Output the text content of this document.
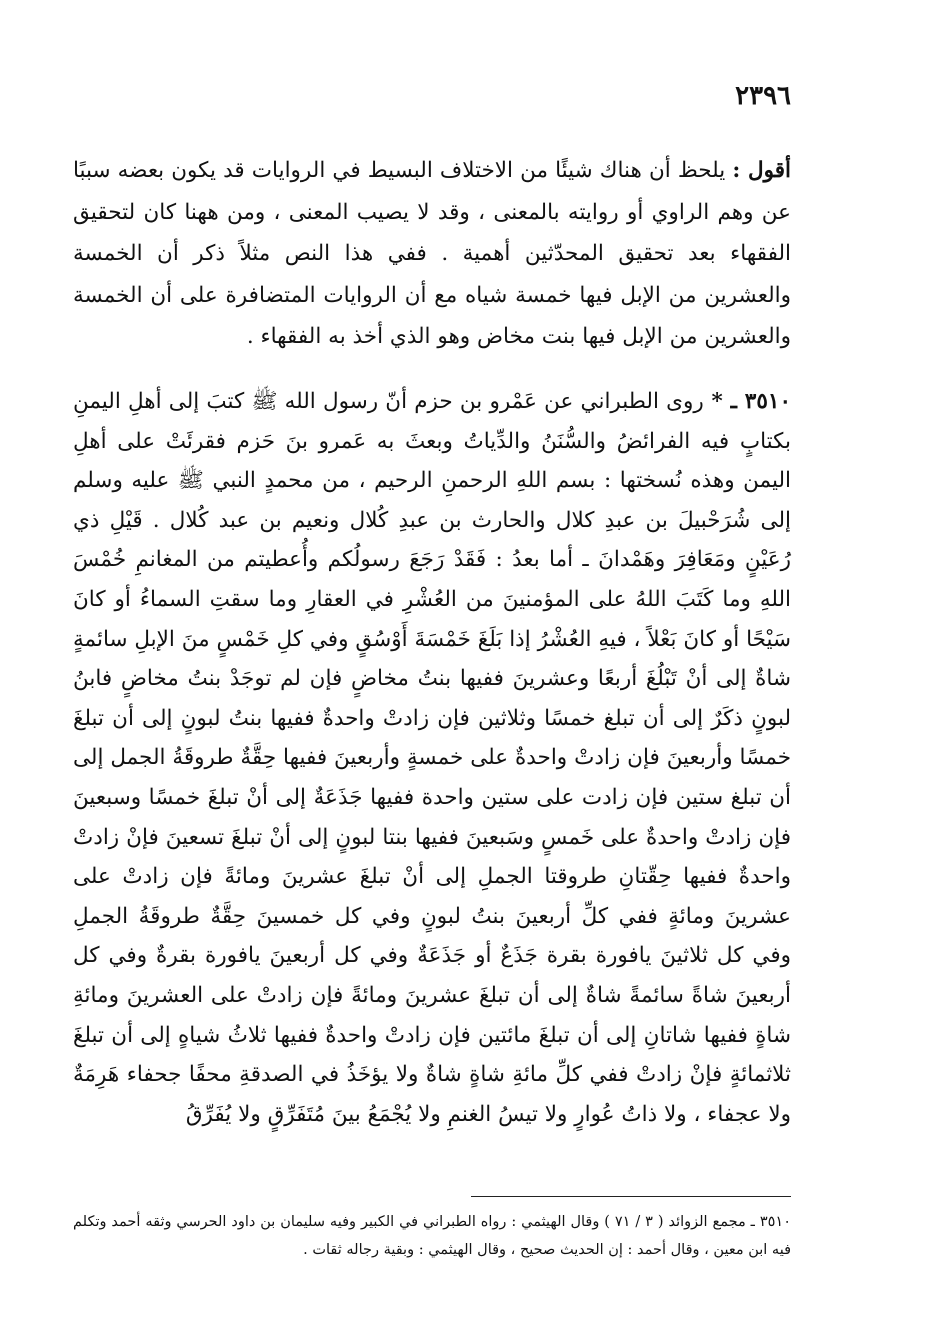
٢٣٩٦

أقول : يلحظ أن هناك شيئًا من الاختلاف البسيط في الروايات قد يكون بعضه سببًا عن وهم الراوي أو روايته بالمعنى ، وقد لا يصيب المعنى ، ومن ههنا كان لتحقيق الفقهاء بعد تحقيق المحدّثين أهمية . ففي هذا النص مثلاً ذكر أن الخمسة والعشرين من الإبل فيها خمسة شياه مع أن الروايات المتضافرة على أن الخمسة والعشرين من الإبل فيها بنت مخاض وهو الذي أخذ به الفقهاء .

٣٥١٠ ـ * روى الطبراني عن عَمْرو بن حزم أنّ رسول الله ﷺ كتبَ إلى أهلِ اليمنِ بكتابٍ فيه الفرائضُ والسُّنَنُ والدِّياتُ وبعثَ به عَمرو بنَ حَزم فقرئَتْ على أهلِ اليمن وهذه نُسختها : بسم اللهِ الرحمنِ الرحيم ، من محمدٍ النبي ﷺ عليه وسلم إلى شُرَحْبيلَ بن عبدِ كلال والحارث بن عبدِ كُلال ونعيم بن عبد كُلال . قَيْلِ ذي رُعَيْنٍ ومَعَافِرَ وهَمْدانَ ـ أما بعدُ : فَقَدْ رَجَعَ رسولُكم وأُعطيتم من المغانمِ خُمْسَ اللهِ وما كَتَبَ اللهُ على المؤمنينَ من العُشْرِ في العقارِ وما سقتِ السماءُ أو كانَ سَيْحًا أو كانَ بَعْلاً ، فيهِ العُشْرُ إذا بَلَغَ خَمْسَةَ أَوْسُقٍ وفي كلِ خَمْسٍ منَ الإبلِ سائمةٍ شاةٌ إلى أنْ تَبْلُغَ أربعًا وعشرينَ ففيها بنتُ مخاضٍ فإن لم توجَدْ بنتُ مخاضٍ فابنُ لبونٍ ذكَرٌ إلى أن تبلغ خمسًا وثلاثين فإن زادتْ واحدةٌ ففيها بنتُ لبونٍ إلى أن تبلغَ خمسًا وأربعينَ فإن زادتْ واحدةٌ على خمسةٍ وأربعينَ ففيها حِقَّةٌ طروقَةُ الجمل إلى أن تبلغ ستين فإن زادت على ستين واحدة ففيها جَذَعَةٌ إلى أنْ تبلغَ خمسًا وسبعينَ فإن زادتْ واحدةٌ على خَمسٍ وسَبعينَ ففيها بنتا لبونٍ إلى أنْ تبلغَ تسعينَ فإنْ زادتْ واحدةٌ ففيها حِقّتانِ طروقتا الجملِ إلى أنْ تبلغَ عشرينَ ومائةً فإن زادتْ على عشرينَ ومائةٍ ففي كلِّ أربعينَ بنتُ لبونٍ وفي كل خمسينَ حِقَّةٌ طروقَةُ الجملِ وفي كل ثلاثينَ يافورة بقرة جَذَعٌ أو جَذَعَةٌ وفي كل أربعينَ يافورة بقرةٌ وفي كل أربعينَ شاةً سائمةً شاةٌ إلى أن تبلغَ عشرينَ ومائةً فإن زادتْ على العشرينَ ومائةِ شاةٍ ففيها شاتانِ إلى أن تبلغَ مائتين فإن زادتْ واحدةٌ ففيها ثلاثُ شياهٍ إلى أن تبلغَ ثلاثمائةٍ فإنْ زادتْ ففي كلِّ مائةِ شاةٍ شاةٌ ولا يؤخَذُ في الصدقةِ محفًا جحفاء هَرِمَةٌ ولا عجفاء ، ولا ذاتُ عُوارٍ ولا تيسُ الغنمِ ولا يُجْمَعُ بينَ مُتَفَرِّقٍ ولا يُفَرِّقُ

٣٥١٠ ـ مجمع الزوائد ( ٣ / ٧١ ) وقال الهيثمي : رواه الطبراني في الكبير وفيه سليمان بن داود الحرسي وثقه أحمد وتكلم فيه ابن معين ، وقال أحمد : إن الحديث صحيح ، وقال الهيثمي : وبقية رجاله ثقات .
